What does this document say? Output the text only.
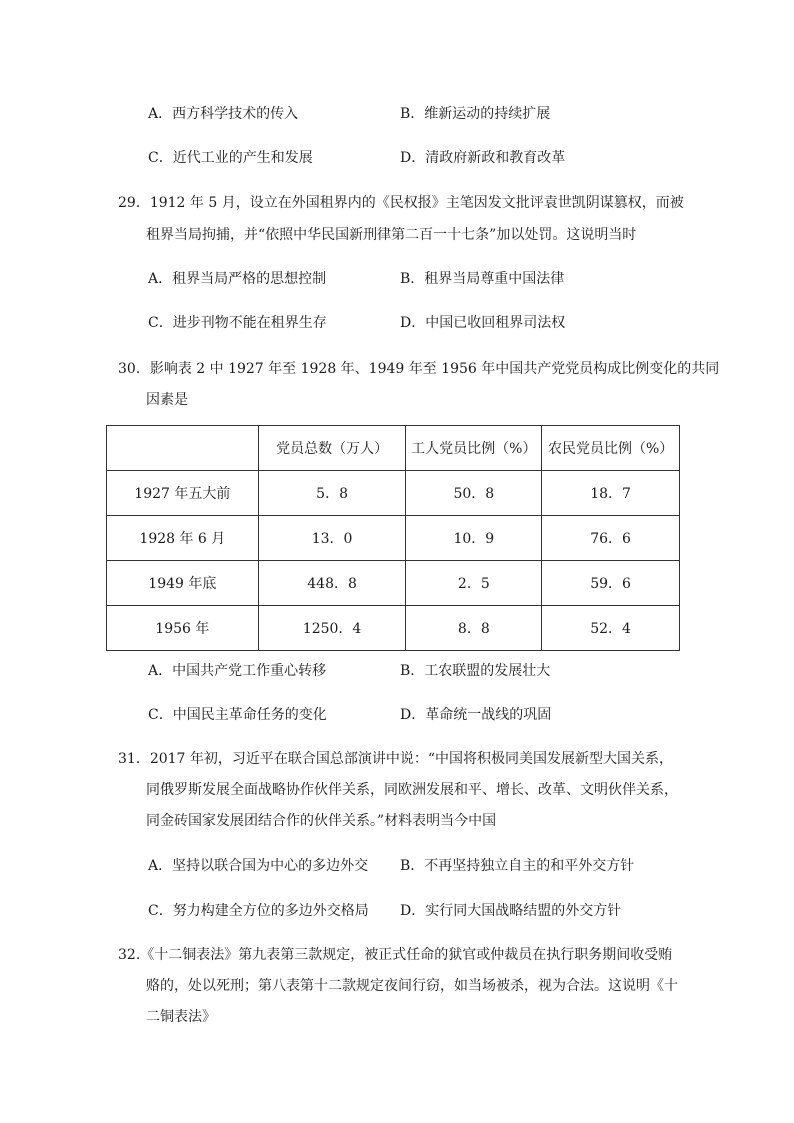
A．西方科学技术的传入	B．维新运动的持续扩展
C．近代工业的产生和发展	D．清政府新政和教育改革
29．1912 年 5 月，设立在外国租界内的《民权报》主笔因发文批评袁世凯阴谋篡权，而被
租界当局拘捕，并“依照中华民国新刑律第二百一十七条”加以处罚。这说明当时
A．租界当局严格的思想控制	B．租界当局尊重中国法律
C．进步刊物不能在租界生存	D．中国已收回租界司法权
30．影响表 2 中 1927 年至 1928 年、1949 年至 1956 年中国共产党党员构成比例变化的共同
因素是
	党员总数（万人）	工人党员比例（%）	农民党员比例（%）
1927 年五大前	5．8	50．8	18．7
1928 年 6 月	13．0	10．9	76．6
1949 年底	448．8	2．5	59．6
1956 年	1250．4	8．8	52．4
A．中国共产党工作重心转移	B．工农联盟的发展壮大
C．中国民主革命任务的变化	D．革命统一战线的巩固
31．2017 年初，习近平在联合国总部演讲中说：“中国将积极同美国发展新型大国关系，
同俄罗斯发展全面战略协作伙伴关系，同欧洲发展和平、增长、改革、文明伙伴关系，
同金砖国家发展团结合作的伙伴关系。”材料表明当今中国
A．坚持以联合国为中心的多边外交 B．不再坚持独立自主的和平外交方针
C．努力构建全方位的多边外交格局 D．实行同大国战略结盟的外交方针
32.《十二铜表法》第九表第三款规定，被正式任命的狱官或仲裁员在执行职务期间收受贿
赂的，处以死刑；第八表第十二款规定夜间行窃，如当场被杀，视为合法。这说明《十
二铜表法》
